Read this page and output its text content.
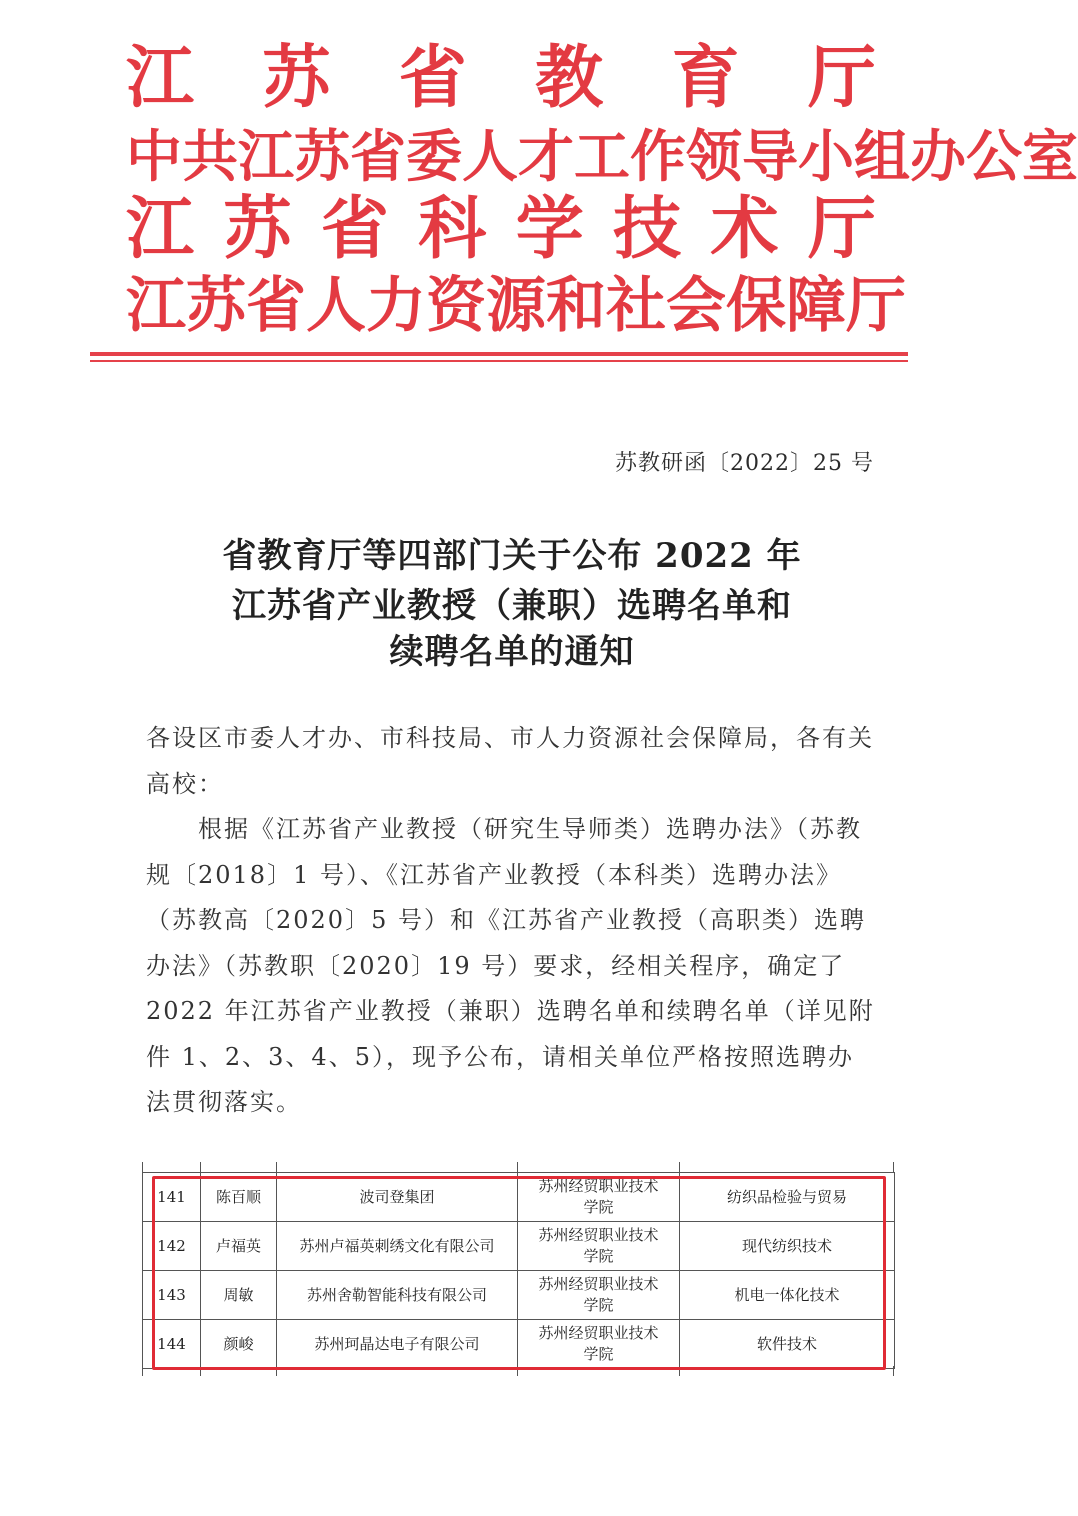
江 苏 省 教 育 厅
中 共 江 苏 省 委 人 才 工 作 领 导 小 组 办 公 室
江 苏 省 科 学 技 术 厅
江 苏 省 人 力 资 源 和 社 会 保 障 厅
苏教研函〔2022〕25 号
省教育厅等四部门关于公布 2022 年
江苏省产业教授（兼职）选聘名单和
续聘名单的通知
各设区市委人才办、市科技局、市人力资源社会保障局，各有关高校：
根据《江苏省产业教授（研究生导师类）选聘办法》（苏教规〔2018〕1 号）、《江苏省产业教授（本科类）选聘办法》（苏教高〔2020〕5 号）和《江苏省产业教授（高职类）选聘办法》（苏教职〔2020〕19 号）要求，经相关程序，确定了 2022 年江苏省产业教授（兼职）选聘名单和续聘名单（详见附件 1、2、3、4、5），现予公布，请相关单位严格按照选聘办法贯彻落实。
141	陈百顺	波司登集团	苏州经贸职业技术学院	纺织品检验与贸易
142	卢福英	苏州卢福英刺绣文化有限公司	苏州经贸职业技术学院	现代纺织技术
143	周敏	苏州舍勒智能科技有限公司	苏州经贸职业技术学院	机电一体化技术
144	颜峻	苏州珂晶达电子有限公司	苏州经贸职业技术学院	软件技术
